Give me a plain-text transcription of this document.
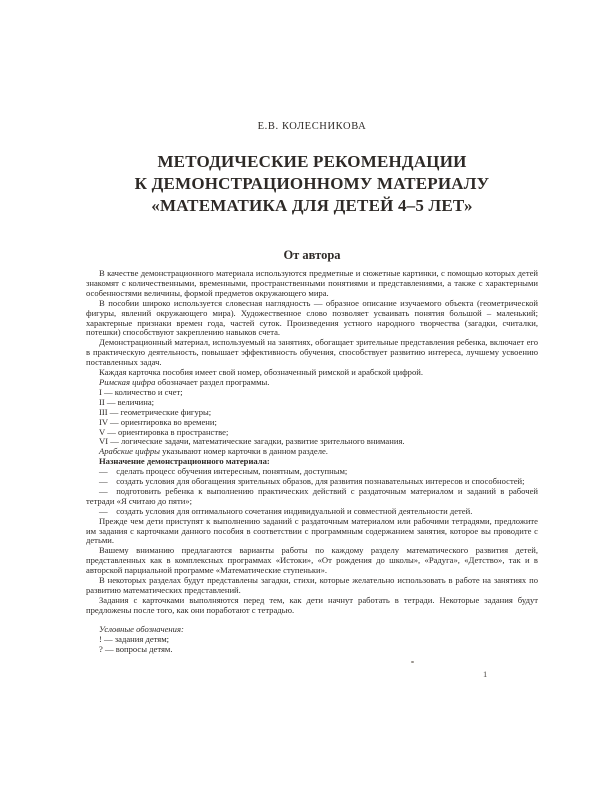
Е.В. КОЛЕСНИКОВА
МЕТОДИЧЕСКИЕ РЕКОМЕНДАЦИИ
К ДЕМОНСТРАЦИОННОМУ МАТЕРИАЛУ
«МАТЕМАТИКА ДЛЯ ДЕТЕЙ 4–5 ЛЕТ»
От автора

В качестве демонстрационного материала используются предметные и сюжетные картинки, с помощью которых детей знакомят с количественными, временны́ми, пространственными понятиями и представлениями, а также с характерными особенностями величины, формой предметов окружающего мира.

В пособии широко используется словесная наглядность — образное описание изучаемого объекта (геометрической фигуры, явлений окружающего мира). Художественное слово позволяет усваивать понятия большой – маленький; характерные признаки времен года, частей суток. Произведения устного народного творчества (загадки, считалки, потешки) способствуют закреплению навыков счета.

Демонстрационный материал, используемый на занятиях, обогащает зрительные представления ребенка, включает его в практическую деятельность, повышает эффективность обучения, способствует развитию интереса, лучшему усвоению поставленных задач.

Каждая карточка пособия имеет свой номер, обозначенный римской и арабской цифрой.

Римская цифра обозначает раздел программы.

I — количество и счет;

II — величина;

III — геометрические фигуры;

IV — ориентировка во времени;

V — ориентировка в пространстве;

VI — логические задачи, математические загадки, развитие зрительного внимания.

Арабские цифры указывают номер карточки в данном разделе.

Назначение демонстрационного материала:

— сделать процесс обучения интересным, понятным, доступным;

— создать условия для обогащения зрительных образов, для развития познавательных интересов и способностей;

— подготовить ребенка к выполнению практических действий с раздаточным материалом и заданий в рабочей тетради «Я считаю до пяти»;

— создать условия для оптимального сочетания индивидуальной и совместной деятельности детей.

Прежде чем дети приступят к выполнению заданий с раздаточным материалом или рабочими тетрадями, предложите им задания с карточками данного пособия в соответствии с программным содержанием занятия, которое вы проводите с детьми.

Вашему вниманию предлагаются варианты работы по каждому разделу математического развития детей, представленных как в комплексных программах «Истоки», «От рождения до школы», «Радуга», «Детство», так и в авторской парциальной программе «Математические ступеньки».

В некоторых разделах будут представлены загадки, стихи, которые желательно использовать в работе на занятиях по развитию математических представлений.

Задания с карточками выполняются перед тем, как дети начнут работать в тетради. Некоторые задания будут предложены после того, как они поработают с тетрадью.

Условные обозначения:

! — задания детям;

? — вопросы детям.

1
